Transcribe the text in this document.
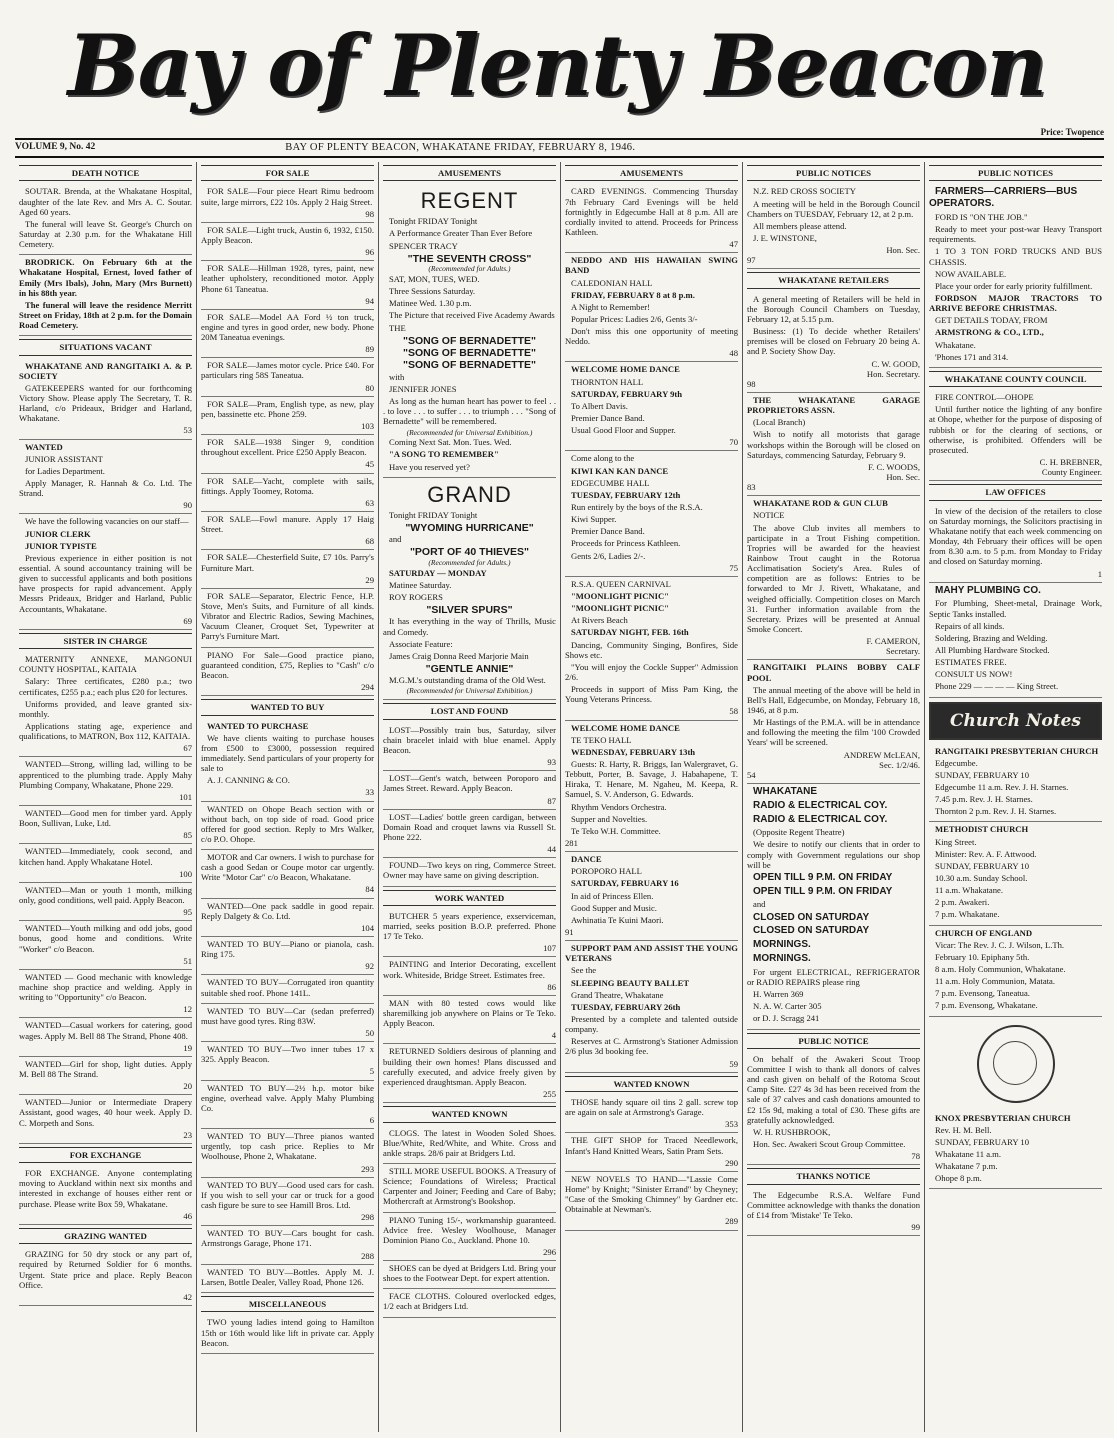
Bay of Plenty Beacon
Price: Twopence
VOLUME 9, No. 42	BAY OF PLENTY BEACON, WHAKATANE FRIDAY, FEBRUARY 8, 1946.
DEATH NOTICE

SOUTAR. Brenda, at the Whakatane Hospital, daughter of the late Rev. and Mrs A. C. Soutar. Aged 60 years.

The funeral will leave St. George's Church on Saturday at 2.30 p.m. for the Whakatane Hill Cemetery.

BRODRICK. On February 6th at the Whakatane Hospital, Ernest, loved father of Emily (Mrs Ibals), John, Mary (Mrs Burnett) in his 88th year.

The funeral will leave the residence Merritt Street on Friday, 18th at 2 p.m. for the Domain Road Cemetery.

SITUATIONS VACANT

WHAKATANE AND RANGITAIKI A. & P. SOCIETY

GATEKEEPERS wanted for our forthcoming Victory Show. Please apply The Secretary, T. R. Harland, c/o Prideaux, Bridger and Harland, Whakatane.

53

WANTED

JUNIOR ASSISTANT

for Ladies Department.

Apply Manager, R. Hannah & Co. Ltd. The Strand.

90

We have the following vacancies on our staff—

JUNIOR CLERK

JUNIOR TYPISTE

Previous experience in either position is not essential. A sound accountancy training will be given to successful applicants and both positions have prospects for rapid advancement. Apply Messrs Prideaux, Bridger and Harland, Public Accountants, Whakatane.

69
SISTER IN CHARGE

MATERNITY ANNEXE, MANGONUI COUNTY HOSPITAL, KAITAIA

Salary: Three certificates, £280 p.a.; two certificates, £255 p.a.; each plus £20 for lectures.

Uniforms provided, and leave granted six-monthly.

Applications stating age, experience and qualifications, to MATRON, Box 112, KAITAIA.

67

WANTED—Strong, willing lad, willing to be apprenticed to the plumbing trade. Apply Mahy Plumbing Company, Whakatane, Phone 229.

101

WANTED—Good men for timber yard. Apply Boon, Sullivan, Luke, Ltd.

85

WANTED—Immediately, cook second, and kitchen hand. Apply Whakatane Hotel.

100

WANTED—Man or youth 1 month, milking only, good conditions, well paid. Apply Beacon.

95

WANTED—Youth milking and odd jobs, good bonus, good home and conditions. Write "Worker" c/o Beacon.

51

WANTED — Good mechanic with knowledge machine shop practice and welding. Apply in writing to "Opportunity" c/o Beacon.

12

WANTED—Casual workers for catering, good wages. Apply M. Bell 88 The Strand, Phone 408.

19

WANTED—Girl for shop, light duties. Apply M. Bell 88 The Strand.

20

WANTED—Junior or Intermediate Drapery Assistant, good wages, 40 hour week. Apply D. C. Morpeth and Sons.

23
FOR EXCHANGE

FOR EXCHANGE. Anyone contemplating moving to Auckland within next six months and interested in exchange of houses either rent or purchase. Please write Box 59, Whakatane.

46
GRAZING WANTED

GRAZING for 50 dry stock or any part of, required by Returned Soldier for 6 months. Urgent. State price and place. Reply Beacon Office.

42
FOR SALE

FOR SALE—Four piece Heart Rimu bedroom suite, large mirrors, £22 10s. Apply 2 Haig Street.

98

FOR SALE—Light truck, Austin 6, 1932, £150. Apply Beacon.

96

FOR SALE—Hillman 1928, tyres, paint, new leather upholstery, reconditioned motor. Apply Phone 61 Taneatua.

94

FOR SALE—Model AA Ford ½ ton truck, engine and tyres in good order, new body. Phone 20M Taneatua evenings.

89

FOR SALE—James motor cycle. Price £40. For particulars ring 58S Taneatua.

80

FOR SALE—Pram, English type, as new, play pen, bassinette etc. Phone 259.

103

FOR SALE—1938 Singer 9, condition throughout excellent. Price £250 Apply Beacon.

45

FOR SALE—Yacht, complete with sails, fittings. Apply Toomey, Rotoma.

63

FOR SALE—Fowl manure. Apply 17 Haig Street.

68

FOR SALE—Chesterfield Suite, £7 10s. Parry's Furniture Mart.

29

FOR SALE—Separator, Electric Fence, H.P. Stove, Men's Suits, and Furniture of all kinds. Vibrator and Electric Radios, Sewing Machines, Vacuum Cleaner, Croquet Set, Typewriter at Parry's Furniture Mart.

PIANO For Sale—Good practice piano, guaranteed condition, £75, Replies to "Cash" c/o Beacon.

294
WANTED TO BUY

WANTED TO PURCHASE

We have clients waiting to purchase houses from £500 to £3000, possession required immediately. Send particulars of your property for sale to

A. J. CANNING & CO.

33

WANTED on Ohope Beach section with or without bach, on top side of road. Good price offered for good section. Reply to Mrs Walker, c/o P.O. Ohope.

MOTOR and Car owners. I wish to purchase for cash a good Sedan or Coupe motor car urgently. Write "Motor Car" c/o Beacon, Whakatane.

84

WANTED—One pack saddle in good repair. Reply Dalgety & Co. Ltd.

104

WANTED TO BUY—Piano or pianola, cash. Ring 175.

92

WANTED TO BUY—Corrugated iron quantity suitable shed roof. Phone 141L.

WANTED TO BUY—Car (sedan preferred) must have good tyres. Ring 83W.

50

WANTED TO BUY—Two inner tubes 17 x 325. Apply Beacon.

5

WANTED TO BUY—2½ h.p. motor bike engine, overhead valve. Apply Mahy Plumbing Co.

6

WANTED TO BUY—Three pianos wanted urgently, top cash price. Replies to Mr Woolhouse, Phone 2, Whakatane.

293

WANTED TO BUY—Good used cars for cash. If you wish to sell your car or truck for a good cash figure be sure to see Hamill Bros. Ltd.

298

WANTED TO BUY—Cars bought for cash. Armstrongs Garage, Phone 171.

288

WANTED TO BUY—Bottles. Apply M. J. Larsen, Bottle Dealer, Valley Road, Phone 126.

MISCELLANEOUS

TWO young ladies intend going to Hamilton 15th or 16th would like lift in private car. Apply Beacon.

AMUSEMENTS
REGENT

Tonight FRIDAY Tonight

A Performance Greater Than Ever Before

SPENCER TRACY

"THE SEVENTH CROSS"
(Recommended for Adults.)

SAT, MON, TUES, WED.

Three Sessions Saturday.

Matinee Wed. 1.30 p.m.

The Picture that received Five Academy Awards

THE

"SONG OF BERNADETTE"
"SONG OF BERNADETTE"
"SONG OF BERNADETTE"

with

JENNIFER JONES

As long as the human heart has power to feel . . . to love . . . to suffer . . . to triumph . . . "Song of Bernadette" will be remembered.

(Recommended for Universal Exhibition.)

Coming Next Sat. Mon. Tues. Wed.

"A SONG TO REMEMBER"

Have you reserved yet?

GRAND

Tonight FRIDAY Tonight

"WYOMING HURRICANE"

and

"PORT OF 40 THIEVES"
(Recommended for Adults.)

SATURDAY — MONDAY

Matinee Saturday.

ROY ROGERS

"SILVER SPURS"

It has everything in the way of Thrills, Music and Comedy.

Associate Feature:

James Craig Donna Reed Marjorie Main

"GENTLE ANNIE"

M.G.M.'s outstanding drama of the Old West.

(Recommended for Universal Exhibition.)
LOST AND FOUND

LOST—Possibly train bus, Saturday, silver chain bracelet inlaid with blue enamel. Apply Beacon.

93

LOST—Gent's watch, between Poroporo and James Street. Reward. Apply Beacon.

87

LOST—Ladies' bottle green cardigan, between Domain Road and croquet lawns via Russell St. Phone 222.

44

FOUND—Two keys on ring, Commerce Street. Owner may have same on giving description.

WORK WANTED

BUTCHER 5 years experience, exserviceman, married, seeks position B.O.P. preferred. Phone 17 Te Teko.

107

PAINTING and Interior Decorating, excellent work. Whiteside, Bridge Street. Estimates free.

86

MAN with 80 tested cows would like sharemilking job anywhere on Plains or Te Teko. Apply Beacon.

4

RETURNED Soldiers desirous of planning and building their own homes! Plans discussed and carefully executed, and advice freely given by experienced draughtsman. Apply Beacon.

255
WANTED KNOWN

CLOGS. The latest in Wooden Soled Shoes. Blue/White, Red/White, and White. Cross and ankle straps. 28/6 pair at Bridgers Ltd.

STILL MORE USEFUL BOOKS. A Treasury of Science; Foundations of Wireless; Practical Carpenter and Joiner; Feeding and Care of Baby; Mothercraft at Armstrong's Bookshop.

PIANO Tuning 15/-, workmanship guaranteed. Advice free. Wesley Woolhouse, Manager Dominion Piano Co., Auckland. Phone 10.

296

SHOES can be dyed at Bridgers Ltd. Bring your shoes to the Footwear Dept. for expert attention.

FACE CLOTHS. Coloured overlocked edges, 1/2 each at Bridgers Ltd.

AMUSEMENTS

CARD EVENINGS. Commencing Thursday 7th February Card Evenings will be held fortnightly in Edgecumbe Hall at 8 p.m. All are cordially invited to attend. Proceeds for Princess Kathleen.

47

NEDDO AND HIS HAWAIIAN SWING BAND

CALEDONIAN HALL

FRIDAY, FEBRUARY 8 at 8 p.m.

A Night to Remember!

Popular Prices: Ladies 2/6, Gents 3/-

Don't miss this one opportunity of meeting Neddo.

48

WELCOME HOME DANCE

THORNTON HALL

SATURDAY, FEBRUARY 9th

To Albert Davis.

Premier Dance Band.

Usual Good Floor and Supper.

70

Come along to the

KIWI KAN KAN DANCE

EDGECUMBE HALL

TUESDAY, FEBRUARY 12th

Run entirely by the boys of the R.S.A.

Kiwi Supper.

Premier Dance Band.

Proceeds for Princess Kathleen.

Gents 2/6, Ladies 2/-.

75

R.S.A. QUEEN CARNIVAL

"MOONLIGHT PICNIC"

"MOONLIGHT PICNIC"

At Rivers Beach

SATURDAY NIGHT, FEB. 16th

Dancing, Community Singing, Bonfires, Side Shows etc.

"You will enjoy the Cockle Supper" Admission 2/6.

Proceeds in support of Miss Pam King, the Young Veterans Princess.

58

WELCOME HOME DANCE

TE TEKO HALL

WEDNESDAY, FEBRUARY 13th

Guests: R. Harty, R. Briggs, Ian Walergravet, G. Tebbutt, Porter, B. Savage, J. Habahapene, T. Hiraka, T. Henare, M. Ngaheu, M. Keepa, R. Samuel, S. V. Anderson, G. Edwards.

Rhythm Vendors Orchestra.

Supper and Novelties.

Te Teko W.H. Committee.

281

DANCE

POROPORO HALL

SATURDAY, FEBRUARY 16

In aid of Princess Ellen.

Good Supper and Music.

Awhinatia Te Kuini Maori.

91

SUPPORT PAM AND ASSIST THE YOUNG VETERANS

See the

SLEEPING BEAUTY BALLET

Grand Theatre, Whakatane

TUESDAY, FEBRUARY 26th

Presented by a complete and talented outside company.

Reserves at C. Armstrong's Stationer Admission 2/6 plus 3d booking fee.

59
WANTED KNOWN

THOSE handy square oil tins 2 gall. screw top are again on sale at Armstrong's Garage.

353

THE GIFT SHOP for Traced Needlework, Infant's Hand Knitted Wears, Satin Pram Sets.

290

NEW NOVELS TO HAND—"Lassie Come Home" by Knight; "Sinister Errand" by Cheyney; "Case of the Smoking Chimney" by Gardner etc. Obtainable at Newman's.

289
PUBLIC NOTICES

N.Z. RED CROSS SOCIETY

A meeting will be held in the Borough Council Chambers on TUESDAY, February 12, at 2 p.m.

All members please attend.

J. E. WINSTONE,

Hon. Sec.
97
WHAKATANE RETAILERS

A general meeting of Retailers will be held in the Borough Council Chambers on Tuesday, February 12, at 5.15 p.m.

Business: (1) To decide whether Retailers' premises will be closed on February 20 being A. and P. Society Show Day.

C. W. GOOD,
Hon. Secretary.
98

THE WHAKATANE GARAGE PROPRIETORS ASSN.

(Local Branch)

Wish to notify all motorists that garage workshops within the Borough will be closed on Saturdays, commencing Saturday, February 9.

F. C. WOODS,
Hon. Sec.
83

WHAKATANE ROD & GUN CLUB

NOTICE

The above Club invites all members to participate in a Trout Fishing competition. Tropries will be awarded for the heaviest Rainbow Trout caught in the Rotorua Acclimatisation Society's Area. Rules of competition are as follows: Entries to be forwarded to Mr J. Rivett, Whakatane, and weighed officially. Competition closes on March 31. Further information available from the Secretary. Prizes will be presented at Annual Smoke Concert.

F. CAMERON,
Secretary.

RANGITAIKI PLAINS BOBBY CALF POOL

The annual meeting of the above will be held in Bell's Hall, Edgecumbe, on Monday, February 18, 1946, at 8 p.m.

Mr Hastings of the P.M.A. will be in attendance and following the meeting the film '100 Crowded Years' will be screened.

ANDREW McLEAN,
Sec. 1/2/46.
54

WHAKATANE

RADIO & ELECTRICAL COY.

RADIO & ELECTRICAL COY.

(Opposite Regent Theatre)

We desire to notify our clients that in order to comply with Government regulations our shop will be

OPEN TILL 9 P.M. ON FRIDAY

OPEN TILL 9 P.M. ON FRIDAY

and

CLOSED ON SATURDAY

CLOSED ON SATURDAY

MORNINGS.

MORNINGS.

For urgent ELECTRICAL, REFRIGERATOR or RADIO REPAIRS please ring

H. Warren 369

N. A. W. Carter 305

or D. J. Scragg 241

PUBLIC NOTICE

On behalf of the Awakeri Scout Troop Committee I wish to thank all donors of calves and cash given on behalf of the Rotoma Scout Camp Site. £27 4s 3d has been received from the sale of 37 calves and cash donations amounted to £2 15s 9d, making a total of £30. These gifts are gratefully acknowledged.

W. H. RUSHBROOK,

Hon. Sec. Awakeri Scout Group Committee.

78
THANKS NOTICE

The Edgecumbe R.S.A. Welfare Fund Committee acknowledge with thanks the donation of £14 from 'Mistake' Te Teko.

99
PUBLIC NOTICES

FARMERS—CARRIERS—BUS OPERATORS.

FORD IS "ON THE JOB."

Ready to meet your post-war Heavy Transport requirements.

1 TO 3 TON FORD TRUCKS AND BUS CHASSIS.

NOW AVAILABLE.

Place your order for early priority fulfillment.

FORDSON MAJOR TRACTORS TO ARRIVE BEFORE CHRISTMAS.

GET DETAILS TODAY, FROM

ARMSTRONG & CO., LTD.,

Whakatane.

'Phones 171 and 314.

WHAKATANE COUNTY COUNCIL

FIRE CONTROL—OHOPE

Until further notice the lighting of any bonfire at Ohope, whether for the purpose of disposing of rubbish or for the clearing of sections, or otherwise, is prohibited. Offenders will be prosecuted.

C. H. BREBNER,
County Engineer.
LAW OFFICES

In view of the decision of the retailers to close on Saturday mornings, the Solicitors practising in Whakatane notify that each week commencing on Monday, 4th February their offices will be open from 8.30 a.m. to 5 p.m. from Monday to Friday and closed on Saturday morning.

1

MAHY PLUMBING CO.

For Plumbing, Sheet-metal, Drainage Work, Septic Tanks installed.

Repairs of all kinds.

Soldering, Brazing and Welding.

All Plumbing Hardware Stocked.

ESTIMATES FREE.

CONSULT US NOW!

Phone 229 — — — — King Street.

Church Notes

RANGITAIKI PRESBYTERIAN CHURCH

Edgecumbe.

SUNDAY, FEBRUARY 10

Edgecumbe 11 a.m. Rev. J. H. Starnes.

7.45 p.m. Rev. J. H. Starnes.

Thornton 2 p.m. Rev. J. H. Starnes.

METHODIST CHURCH

King Street.

Minister: Rev. A. F. Attwood.

SUNDAY, FEBRUARY 10

10.30 a.m. Sunday School.

11 a.m. Whakatane.

2 p.m. Awakeri.

7 p.m. Whakatane.

CHURCH OF ENGLAND

Vicar: The Rev. J. C. J. Wilson, L.Th.

February 10. Epiphany 5th.

8 a.m. Holy Communion, Whakatane.

11 a.m. Holy Communion, Matata.

7 p.m. Evensong, Taneatua.

7 p.m. Evensong, Whakatane.

KNOX PRESBYTERIAN CHURCH

Rev. H. M. Bell.

SUNDAY, FEBRUARY 10

Whakatane 11 a.m.

Whakatane 7 p.m.

Ohope 8 p.m.
